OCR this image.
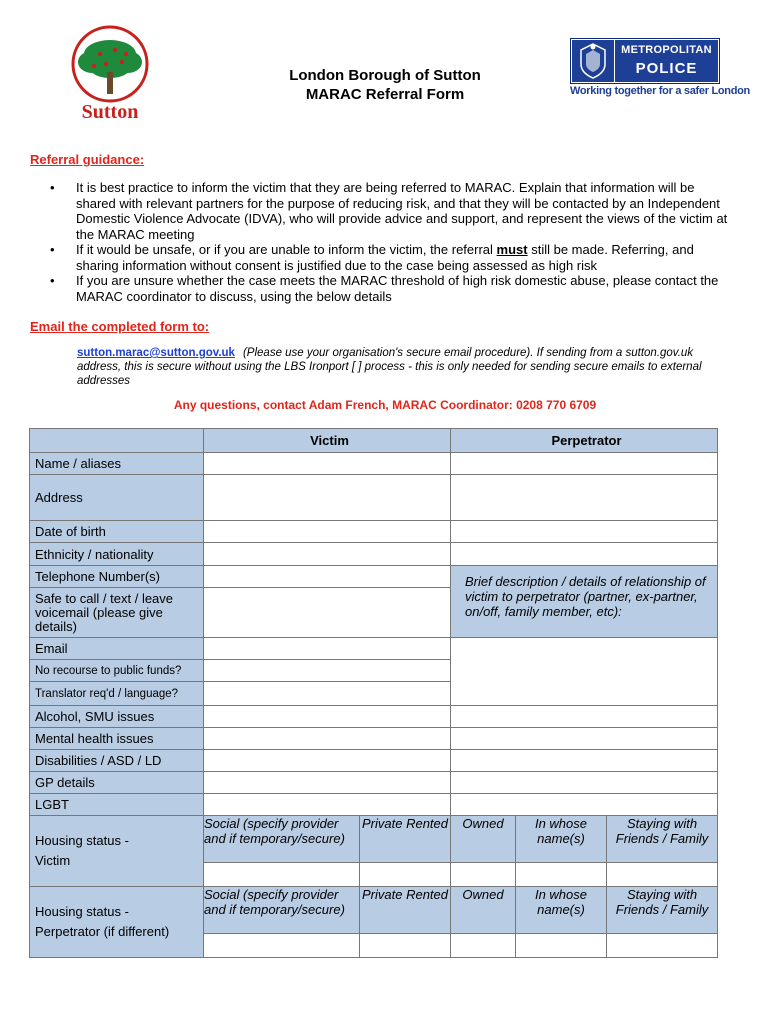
Sutton
London Borough of Sutton
MARAC Referral Form
METROPOLITAN
POLICE
Working together for a safer London
Referral guidance:
• It is best practice to inform the victim that they are being referred to MARAC. Explain that information will be shared with relevant partners for the purpose of reducing risk, and that they will be contacted by an Independent Domestic Violence Advocate (IDVA), who will provide advice and support, and represent the views of the victim at the MARAC meeting
• If it would be unsafe, or if you are unable to inform the victim, the referral must still be made. Referring, and sharing information without consent is justified due to the case being assessed as high risk
• If you are unsure whether the case meets the MARAC threshold of high risk domestic abuse, please contact the MARAC coordinator to discuss, using the below details
Email the completed form to:
sutton.marac@sutton.gov.uk (Please use your organisation's secure email procedure). If sending from a sutton.gov.uk address, this is secure without using the LBS Ironport [ ] process - this is only needed for sending secure emails to external addresses
Any questions, contact Adam French, MARAC Coordinator: 0208 770 6709
	Victim		Perpetrator		
Name / aliases					
Address					
Date of birth					
Ethnicity / nationality					
Telephone Number(s)			Brief description / details of relationship of victim to perpetrator (partner, ex-partner, on/off, family member, etc):		
Safe to call / text / leave voicemail (please give details)					
Email					
No recourse to public funds?					
Translator req'd / language?					
Alcohol, SMU issues					
Mental health issues					
Disabilities / ASD / LD					
GP details					
LGBT					

Housing status -
Victim	Social (specify provider and if temporary/secure)	Private Rented	Owned	In whose name(s)	Staying with Friends / Family

Housing status -
Perpetrator (if different)	Social (specify provider and if temporary/secure)	Private Rented	Owned	In whose name(s)	Staying with Friends / Family
